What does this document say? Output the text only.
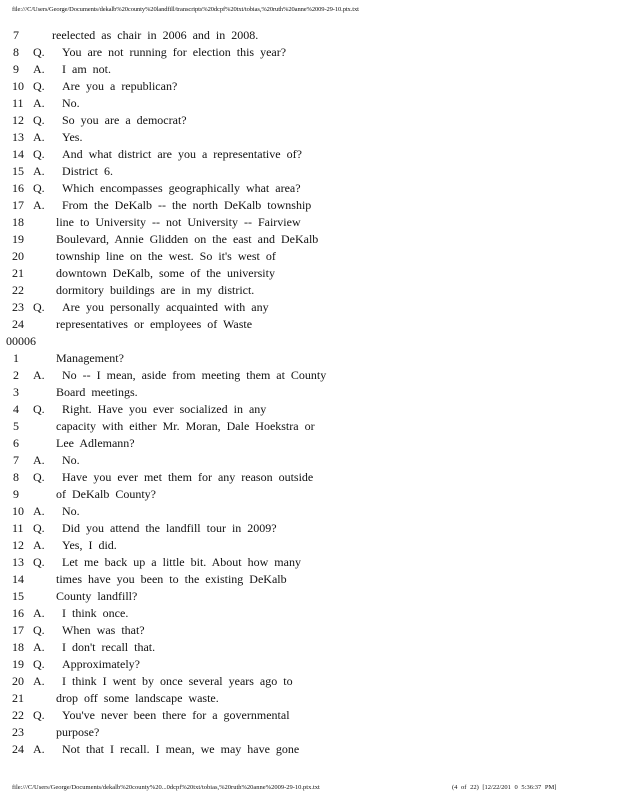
file:///C/Users/George/Documents/dekalb%20county%20landfill/transcripts%20dcpf%20txt/tobias,%20ruth%20anne%2009-29-10.ptx.txt
7	reelected as chair in 2006 and in 2008.
8	Q. You are not running for election this year?
9	A. I am not.
10 Q. Are you a republican?
11 A. No.
12 Q. So you are a democrat?
13 A. Yes.
14 Q. And what district are you a representative of?
15 A. District 6.
16 Q. Which encompasses geographically what area?
17 A. From the DeKalb -- the north DeKalb township
18	line to University -- not University -- Fairview
19	Boulevard, Annie Glidden on the east and DeKalb
20	township line on the west. So it's west of
21	downtown DeKalb, some of the university
22	dormitory buildings are in my district.
23 Q. Are you personally acquainted with any
24	representatives or employees of Waste
00006
1	Management?
2	A. No -- I mean, aside from meeting them at County
3	Board meetings.
4	Q. Right. Have you ever socialized in any
5	capacity with either Mr. Moran, Dale Hoekstra or
6	Lee Adlemann?
7	A. No.
8	Q. Have you ever met them for any reason outside
9	of DeKalb County?
10 A. No.
11 Q. Did you attend the landfill tour in 2009?
12 A. Yes, I did.
13 Q. Let me back up a little bit. About how many
14	times have you been to the existing DeKalb
15	County landfill?
16 A. I think once.
17 Q. When was that?
18 A. I don't recall that.
19 Q. Approximately?
20 A. I think I went by once several years ago to
21	drop off some landscape waste.
22 Q. You've never been there for a governmental
23	purpose?
24 A. Not that I recall. I mean, we may have gone
file:///C/Users/George/Documents/dekalb%20county%20...0dcpf%20txt/tobias,%20ruth%20anne%2009-29-10.ptx.txt	(4 of 22) [12/22/201 0 5:36:37 PM]
